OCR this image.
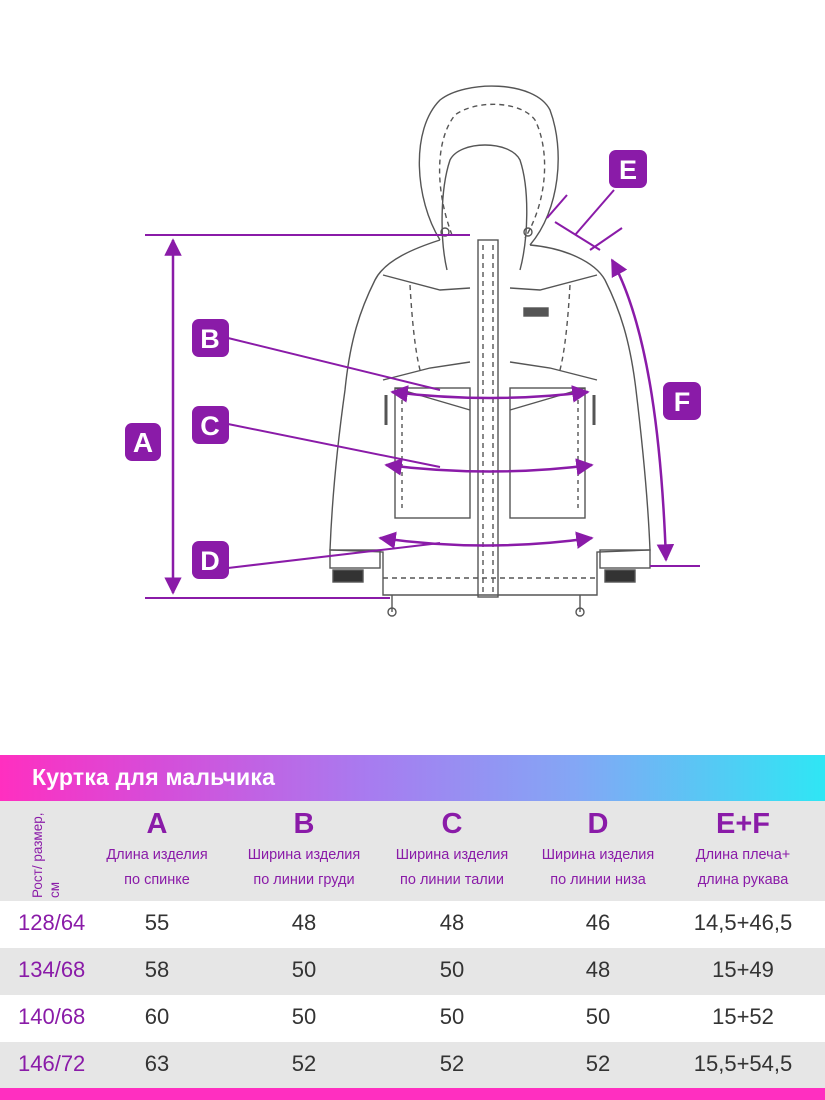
A
B
C
D
E
F
Куртка для мальчика
Рост/ размер, см
A
Длина изделия
по спинке
B
Ширина изделия
по линии груди
C
Ширина изделия
по линии талии
D
Ширина изделия
по линии низа
E+F
Длина плеча+
длина рукава
128/64	55	48	48	46	14,5+46,5
134/68	58	50	50	48	15+49
140/68	60	50	50	50	15+52
146/72	63	52	52	52	15,5+54,5
